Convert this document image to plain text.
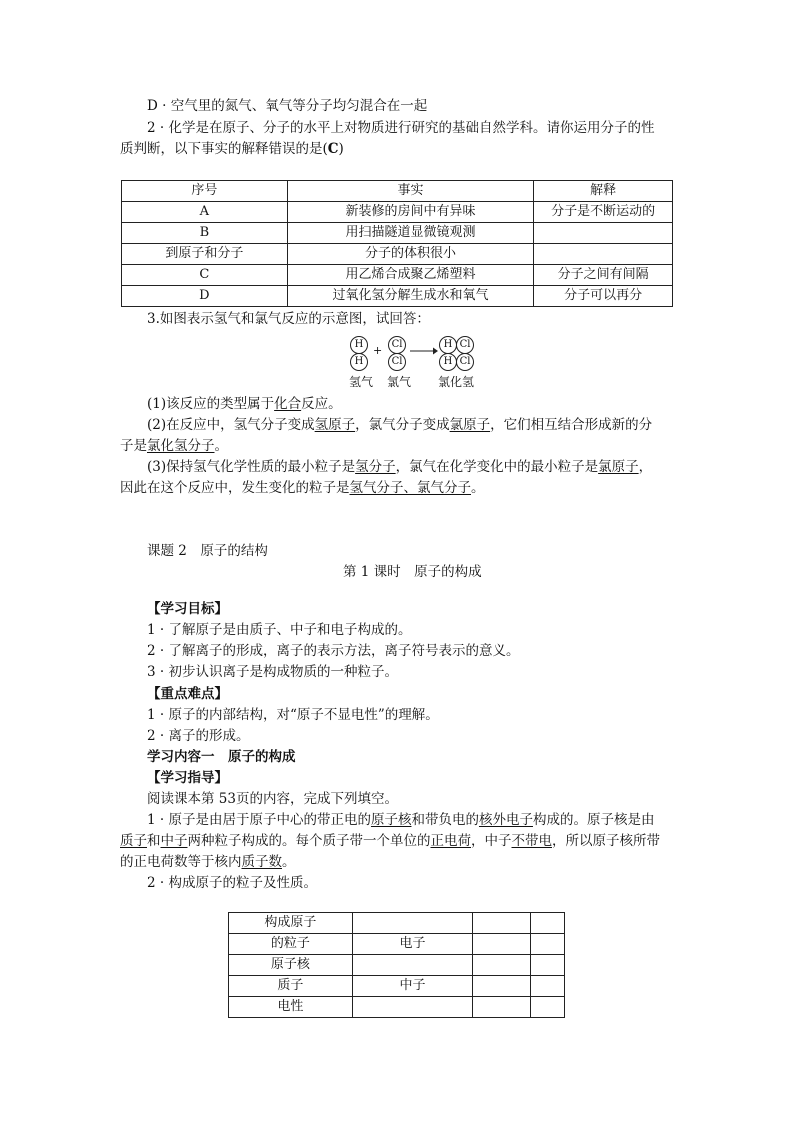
D · 空气里的氮气、氧气等分子均匀混合在一起
2 · 化学是在原子、分子的水平上对物质进行研究的基础自然学科。请你运用分子的性
质判断，以下事实的解释错误的是(C)
序号	事实	解释
A	新装修的房间中有异味	分子是不断运动的
B	用扫描隧道显微镜观测	
到原子和分子	分子的体积很小	
C	用乙烯合成聚乙烯塑料	分子之间有间隔
D	过氧化氢分解生成水和氧气	分子可以再分
3.如图表示氢气和氯气反应的示意图，试回答：
H
H
+ Cl
Cl
H Cl
H Cl
氢气 氯气 氯化氢
(1)该反应的类型属于化合反应。
(2)在反应中，氢气分子变成氢原子，氯气分子变成氯原子，它们相互结合形成新的分
子是氯化氢分子。
(3)保持氢气化学性质的最小粒子是氢分子，氯气在化学变化中的最小粒子是氯原子，
因此在这个反应中，发生变化的粒子是氢气分子、氯气分子。
课题 2　原子的结构
第 1 课时　原子的构成
【学习目标】
1 · 了解原子是由质子、中子和电子构成的。
2 · 了解离子的形成，离子的表示方法，离子符号表示的意义。
3 · 初步认识离子是构成物质的一种粒子。
【重点难点】
1 · 原子的内部结构，对“原子不显电性”的理解。
2 · 离子的形成。
学习内容一　原子的构成
【学习指导】
阅读课本第 53页的内容，完成下列填空。
1 · 原子是由居于原子中心的带正电的原子核和带负电的核外电子构成的。原子核是由
质子和中子两种粒子构成的。每个质子带一个单位的正电荷，中子不带电，所以原子核所带
的正电荷数等于核内质子数。
2 · 构成原子的粒子及性质。
构成原子			
的粒子	电子		
原子核			
质子	中子		
电性			
